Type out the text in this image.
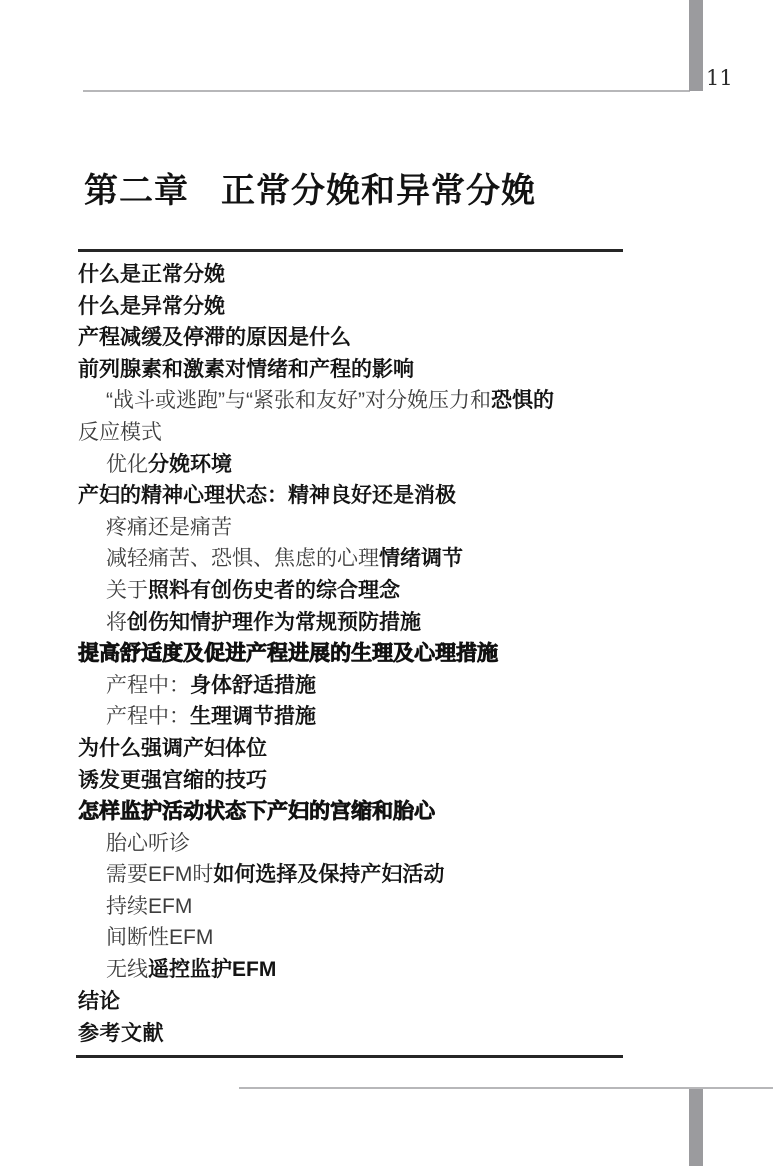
11
第二章 正常分娩和异常分娩
什么是正常分娩
什么是异常分娩
产程减缓及停滞的原因是什么
前列腺素和激素对情绪和产程的影响
“战斗或逃跑”与“紧张和友好”对分娩压力和恐惧的
反应模式
优化分娩环境
产妇的精神心理状态：精神良好还是消极
疼痛还是痛苦
减轻痛苦、恐惧、焦虑的心理情绪调节
关于照料有创伤史者的综合理念
将创伤知情护理作为常规预防措施
提高舒适度及促进产程进展的生理及心理措施
产程中：身体舒适措施
产程中：生理调节措施
为什么强调产妇体位
诱发更强宫缩的技巧
怎样监护活动状态下产妇的宫缩和胎心
胎心听诊
需要EFM时如何选择及保持产妇活动
持续EFM
间断性EFM
无线遥控监护EFM
结论
参考文献
